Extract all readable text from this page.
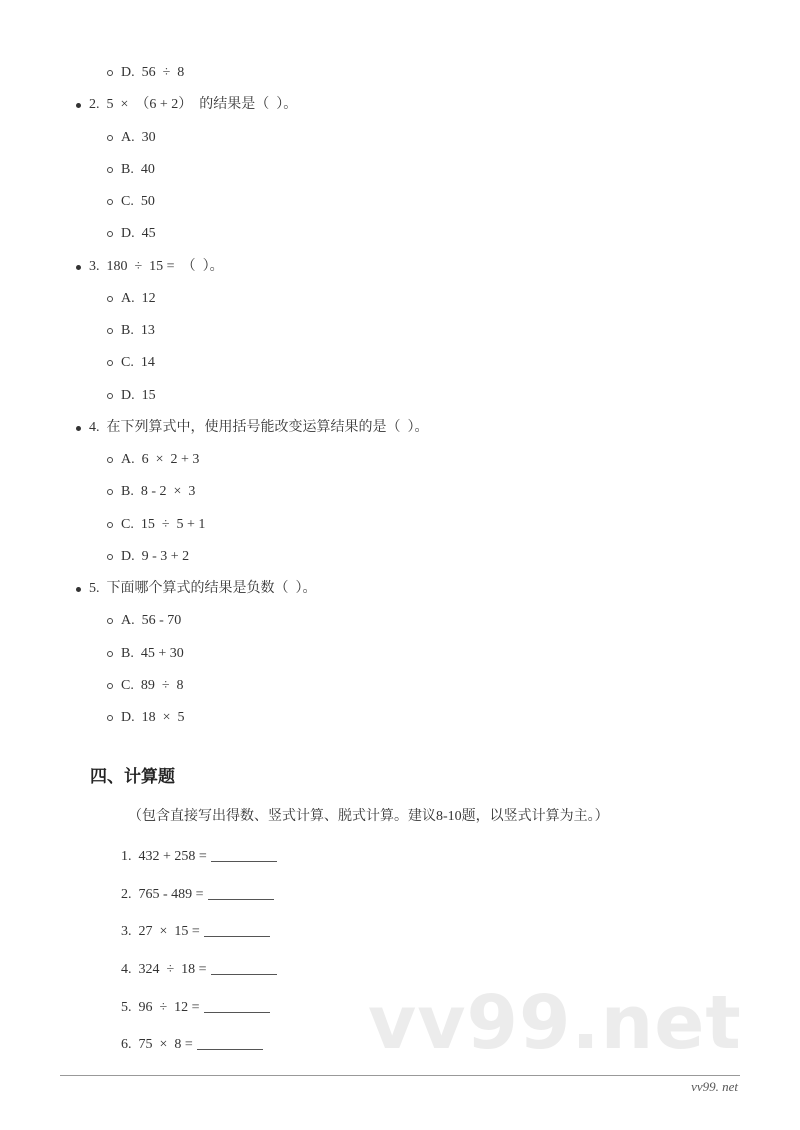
D.  56  ÷  8
2.  5  ×  （6 + 2）  的结果是（  ）。
A.  30
B.  40
C.  50
D.  45
3.  180  ÷  15 =  （  ）。
A.  12
B.  13
C.  14
D.  15
4.  在下列算式中，使用括号能改变运算结果的是（  ）。
A.  6  ×  2 + 3
B.  8 - 2  ×  3
C.  15  ÷  5 + 1
D.  9 - 3 + 2
5.  下面哪个算式的结果是负数（  ）。
A.  56 - 70
B.  45 + 30
C.  89  ÷  8
D.  18  ×  5
四、计算题
（包含直接写出得数、竖式计算、脱式计算。建议8-10题，以竖式计算为主。）
1.  432 + 258 =
2.  765 - 489 =
3.  27  ×  15 =
4.  324  ÷  18 =
5.  96  ÷  12 =
6.  75  ×  8 =	vv99.net
vv99. net
